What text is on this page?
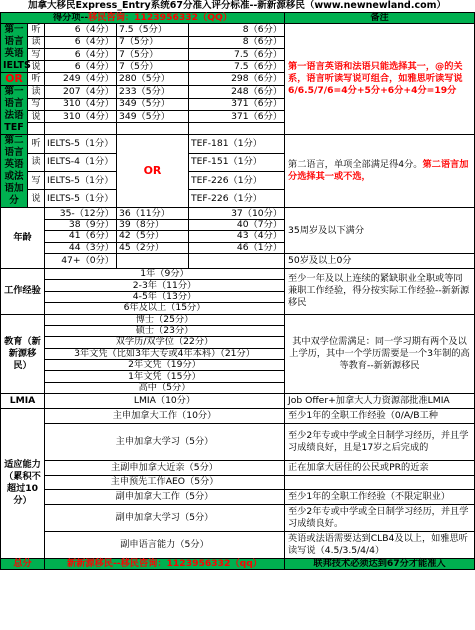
加拿大移民Express_Entry系统67分准入评分标准--新新源移民（www.newnewland.com）
得分项--移民咨询：1123956332（QQ）					备注
第一语言英语IELTS	听	6（4分）	7.5（5分）	8（6分）	第一语言英语和法语只能选择其一，@的关系，语言听读写说可组合，如雅思听读写说6/6.5/7/6=4分+5分+6分+4分=19分
	读	6（4分）	7（5分）	8（6分）	
	写	6（4分）	7（5分）	7.5（6分）	
	说	6（4分）	7（5分）	7.5（6分）	
OR	听	249（4分）	280（5分）	298（6分）	
第一语言法语TEF	读	207（4分）	233（5分）	248（6分）	
	写	310（4分）	349（5分）	371（6分）	
	说	310（4分）	349（5分）	371（6分）	

第二语言英语或法语加分	听	IELTS-5（1分）	OR	TEF-181（1分）	第二语言，单项全部满足得4分。第二语言加分选择其一或不选，
	读	IELTS-4（1分）		TEF-151（1分）	
	写	IELTS-5（1分）		TEF-226（1分）	
	说	IELTS-5（1分）		TEF-226（1分）	
年龄		35-（12分）	36（11分）	37（10分）	35周岁及以下满分
		38（9分）	39（8分）	40（7分）	
		41（6分）	42（5分）	43（4分）	
		44（3分）	45（2分）	46（1分）	
		47+（0分）			50岁及以上0分
工作经验		1年（9分）			至少一年及以上连续的紧缺职业全职或等同兼职工作经验，得分按实际工作经验--新新源移民
		2-3年（11分）			
		4-5年（13分）			
		6年及以上（15分）			
教育（新新源移民）		博士（25分）			其中双学位需满足：同一学习期有两个及以上学历，其中一个学历需要是一个3年制的高等教育--新新源移民
		硕士（23分）			
		双学历/双学位（22分）			
		3年文凭（比如3年大专或4年本科）（21分）			
		2年文凭（19分）			
		1年文凭（15分）			
		高中（5分）			
LMIA		LMIA（10分）			Job Offer+加拿大人力资源部批准LMIA
适应能力（累积不超过10分）		主申加拿大工作（10分）			至少1年的全职工作经验（0/A/B工种
		主申加拿大学习（5分）			至少2年专或中学或全日制学习经历，并且学习成绩良好，且是17岁之后完成的
		主副申加拿大近亲（5分）			正在加拿大居住的公民或PR的近亲
		主申预先工作AEO（5分）			
		副申加拿大工作（5分）			至少1年的全职工作经验（不限定职业）
		副申加拿大学习（5分）			至少2年专或中学或全日制学习经历，并且学习成绩良好。
		副申语言能力（5分）			英语或法语需要达到CLB4及以上，如雅思听读写说（4.5/3.5/4/4）
总分		新新源移民--移民咨询：1123956332（qq）			联邦技术必须达到67分才能准入
